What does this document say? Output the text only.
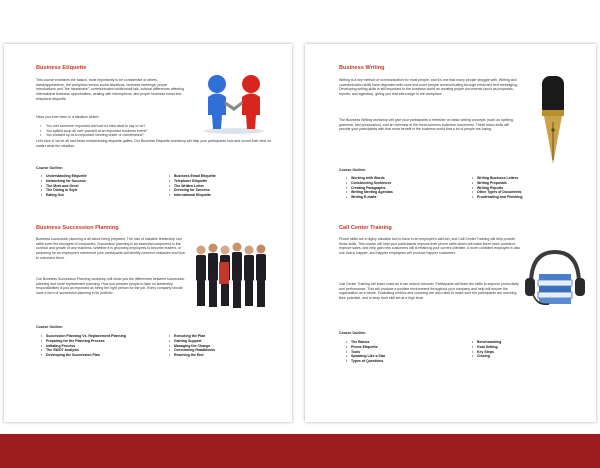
Business Etiquette

This course examines the basics, most importantly to be considerate of others, dress/appearance, the workplace versus social situations, business meetings, proper introductions and "the handshake", communication skills/small talk, cultural differences affecting international business opportunities, dealing with interruptions, and proper business email and telephone etiquette.

Have you ever been in a situation where:

• You met someone important and had no idea what to say or do?
• You spilled soup all over yourself at an important business event?
• You showed up at an important meeting under or overdressed?

Let's face it; we've all had those embarrassing etiquette gaffes. Our Business Etiquette workshop will help your participants look and sound their best no matter what the situation.

Course Outline:
• Understanding Etiquette
• Networking for Success
• The Meet and Greet
• The Dining in Style
• Eating Out
• Business Email Etiquette
• Telephone Etiquette
• The Written Letter
• Dressing for Success
• International Etiquette
Business Succession Planning

Business succession planning is all about being prepared. The loss of valuable leadership can rattle even the strongest of companies. Succession planning is an essential component to the survival and growth of any business. Whether it is grooming employees to become leaders, or preparing for an employee's retirement your participants will identify common obstacles and how to overcome them.

Our Business Succession Planning workshop will show you the differences between succession planning and more replacement planning. How you prepare people to take on leadership responsibilities is just as important as hiring the right person for the job. Every company should have a form of succession planning in its portfolio.

Course Outline:
• Succession Planning Vs. Replacement Planning
• Preparing for the Planning Process
• Initiating Process
• The SWOT Analysis
• Developing the Succession Plan
• Executing the Plan
• Gaining Support
• Managing the Change
• Overcoming Roadblocks
• Reaching the End
Business Writing

Writing is a key method of communication for most people, and it's one that many people struggle with. Writing and communication skills have degraded with more and more people communicating through email and text messaging. Developing writing skills is still important to the business world as creating proper documents (such as proposals, reports, and agendas), giving you that extra edge in the workplace.

The Business Writing workshop will give your participants a refresher on basic writing concepts (such as spelling, grammar, and punctuation), and an overview of the most common business documents. These basic skills will provide your participants with that extra benefit in the business world that a lot of people are losing.

Course Outline:
• Working with Words
• Constructing Sentences
• Creating Paragraphs
• Writing Meeting Agendas
• Writing E-mails
• Writing Business Letters
• Writing Proposals
• Writing Reports
• Other Types of Documents
• Proofreading and Finishing
Call Center Training

Phone skills are a highly valuable tool to have in an employee's skill-set, and Call Center Training will help provide those skills. This course will help your participants improve their phone skills which will make them more confident, improve sales, and help gain new customers will is retaining your current clientele. A more confident employee is also one that is happier, and happier employees will produce happier customers.

Call Center Training will lower costs as it can reduce turnover. Participants will learn the skills to improve productivity and performance. This will produce a positive environment throughout your company and help will ensure the organization as a whole. Evaluating metrics and coaching are also used to make sure the participants are reaching their potential, and to keep their skill set at a high level.

Course Outline:
• The Basics
• Phone Etiquette
• Tools
• Speaking Like a Star
• Types of Questions
• Benchmarking
• Goal Setting
• Key Steps
• Closing
